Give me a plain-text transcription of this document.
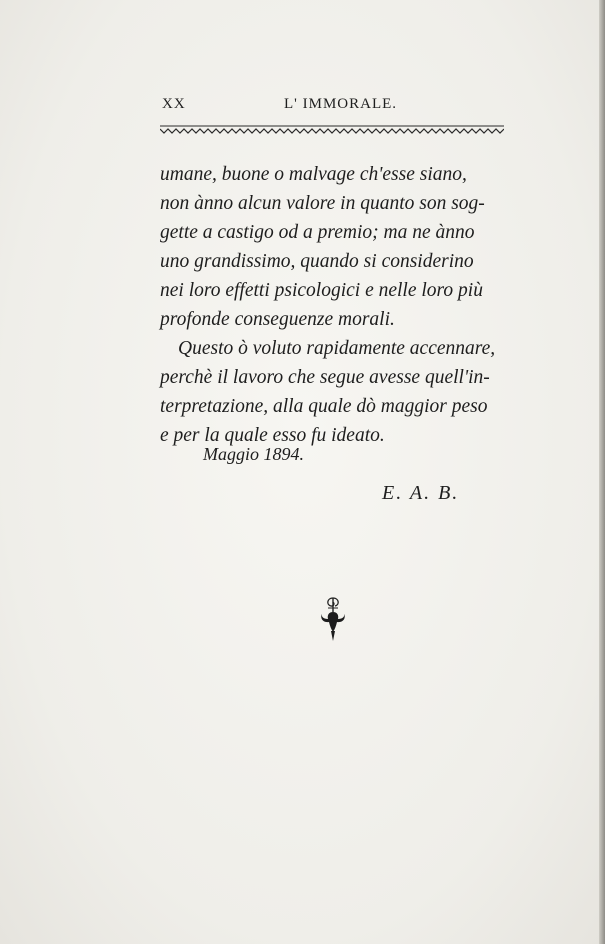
XX	L' IMMORALE.
umane, buone o malvage ch'esse siano,
non ànno alcun valore in quanto son sog-
gette a castigo od a premio; ma ne ànno
uno grandissimo, quando si considerino
nei loro effetti psicologici e nelle loro più
profonde conseguenze morali.
Questo ò voluto rapidamente accennare,
perchè il lavoro che segue avesse quell'in-
terpretazione, alla quale dò maggior peso
e per la quale esso fu ideato.
Maggio 1894.
E. A. B.
